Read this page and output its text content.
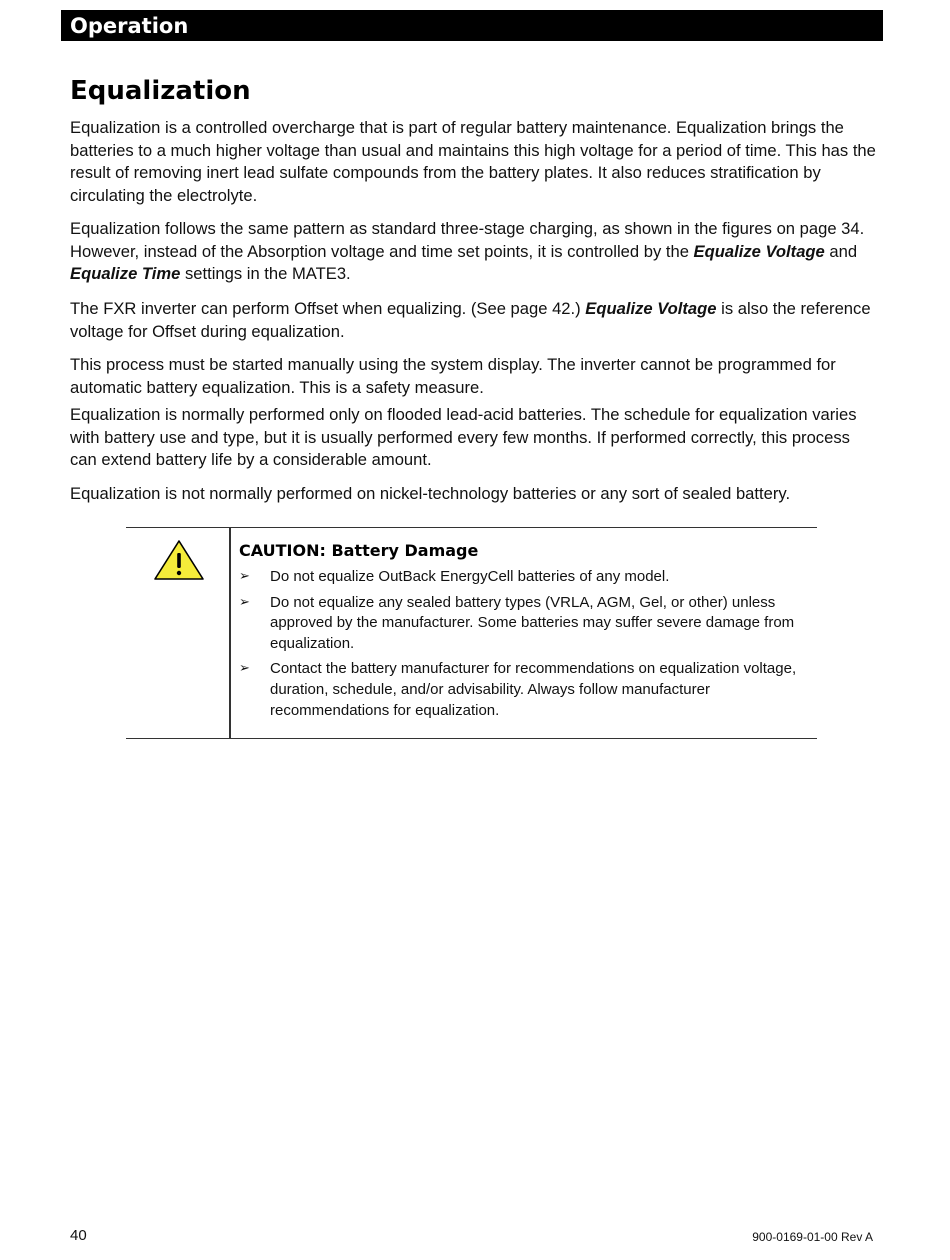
Operation
Equalization

Equalization is a controlled overcharge that is part of regular battery maintenance. Equalization brings the batteries to a much higher voltage than usual and maintains this high voltage for a period of time. This has the result of removing inert lead sulfate compounds from the battery plates. It also reduces stratification by circulating the electrolyte.

Equalization follows the same pattern as standard three-stage charging, as shown in the figures on page 34. However, instead of the Absorption voltage and time set points, it is controlled by the Equalize Voltage and Equalize Time settings in the MATE3.

The FXR inverter can perform Offset when equalizing. (See page 42.) Equalize Voltage is also the reference voltage for Offset during equalization.

This process must be started manually using the system display. The inverter cannot be programmed for automatic battery equalization. This is a safety measure.

Equalization is normally performed only on flooded lead-acid batteries. The schedule for equalization varies with battery use and type, but it is usually performed every few months. If performed correctly, this process can extend battery life by a considerable amount.

Equalization is not normally performed on nickel-technology batteries or any sort of sealed battery.

CAUTION: Battery Damage
➢ Do not equalize OutBack EnergyCell batteries of any model.
➢ Do not equalize any sealed battery types (VRLA, AGM, Gel, or other) unless approved by the manufacturer. Some batteries may suffer severe damage from equalization.
➢ Contact the battery manufacturer for recommendations on equalization voltage, duration, schedule, and/or advisability. Always follow manufacturer recommendations for equalization.
40	900-0169-01-00 Rev A
